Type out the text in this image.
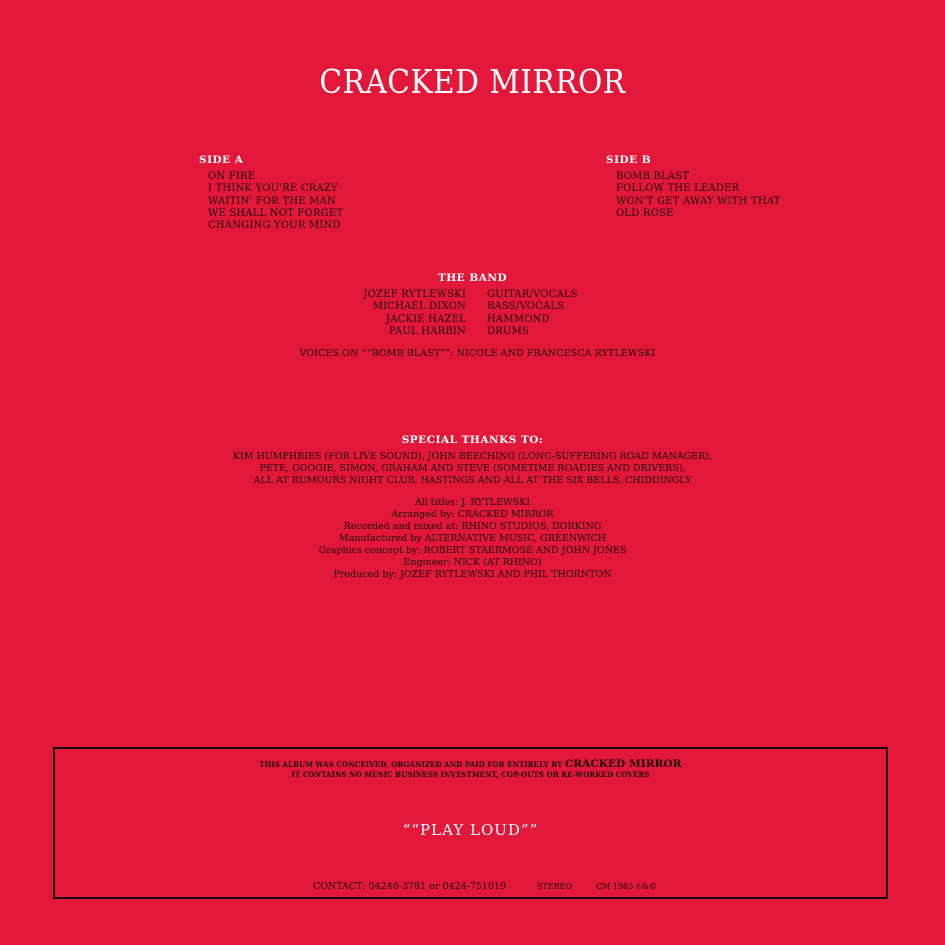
CRACKED MIRROR
SIDE A
ON FIRE
I THINK YOU'RE CRAZY
WAITIN' FOR THE MAN
WE SHALL NOT FORGET
CHANGING YOUR MIND
SIDE B
BOMB BLAST
FOLLOW THE LEADER
WON'T GET AWAY WITH THAT
OLD ROSE
THE BAND
JOZEF RYTLEWSKI
MICHAEL DIXON
JACKIE HAZEL
PAUL HARBIN
GUITAR/VOCALS
BASS/VOCALS
HAMMOND
DRUMS
VOICES ON ““BOMB BLAST””: NICOLE AND FRANCESCA RYTLEWSKI
SPECIAL THANKS TO:
KIM HUMPHRIES (FOR LIVE SOUND), JOHN BEECHING (LONG-SUFFERING ROAD MANAGER),
PETE, GOOGIE, SIMON, GRAHAM AND STEVE (SOMETIME ROADIES AND DRIVERS),
ALL AT RUMOURS NIGHT CLUB, HASTINGS AND ALL AT THE SIX BELLS, CHIDDINGLY
All titles: J. RYTLEWSKI
Arranged by: CRACKED MIRROR
Recorded and mixed at: RHINO STUDIOS, DORKING
Manufactured by ALTERNATIVE MUSIC, GREENWICH
Graphics concept by: ROBERT STAERMOSE AND JOHN JONES
Engineer: NICK (AT RHINO)
Produced by: JOZEF RYTLEWSKI AND PHIL THORNTON
THIS ALBUM WAS CONCEIVED, ORGANIZED AND PAID FOR ENTIRELY BY CRACKED MIRROR
IT CONTAINS NO MUSIC BUSINESS INVESTMENT, COP-OUTS OR RE-WORKED COVERS
““PLAY LOUD””
CONTACT: 04246-3781 or 0424-751019	STEREO	CM 1983 ℗&©
